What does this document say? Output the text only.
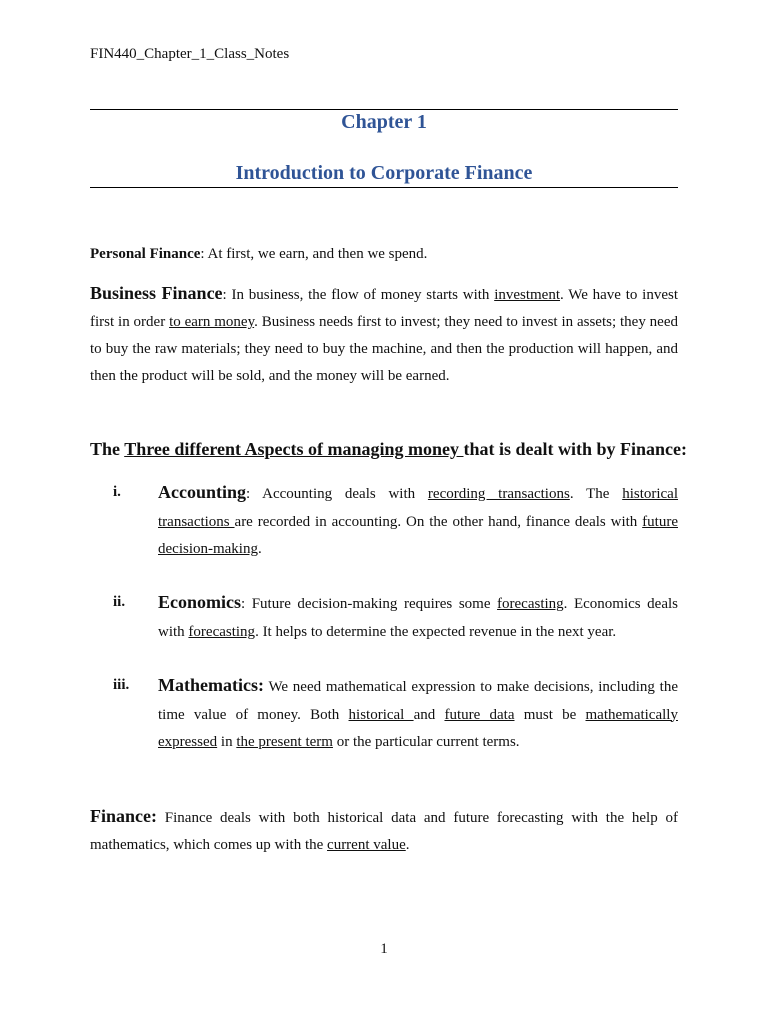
FIN440_Chapter_1_Class_Notes
Chapter 1
Introduction to Corporate Finance
Personal Finance: At first, we earn, and then we spend.
Business Finance: In business, the flow of money starts with investment. We have to invest first in order to earn money. Business needs first to invest; they need to invest in assets; they need to buy the raw materials; they need to buy the machine, and then the production will happen, and then the product will be sold, and the money will be earned.
The Three different Aspects of managing money that is dealt with by Finance:
i. Accounting: Accounting deals with recording transactions. The historical transactions are recorded in accounting. On the other hand, finance deals with future decision-making.
ii. Economics: Future decision-making requires some forecasting. Economics deals with forecasting. It helps to determine the expected revenue in the next year.
iii. Mathematics: We need mathematical expression to make decisions, including the time value of money. Both historical and future data must be mathematically expressed in the present term or the particular current terms.
Finance: Finance deals with both historical data and future forecasting with the help of mathematics, which comes up with the current value.
1
